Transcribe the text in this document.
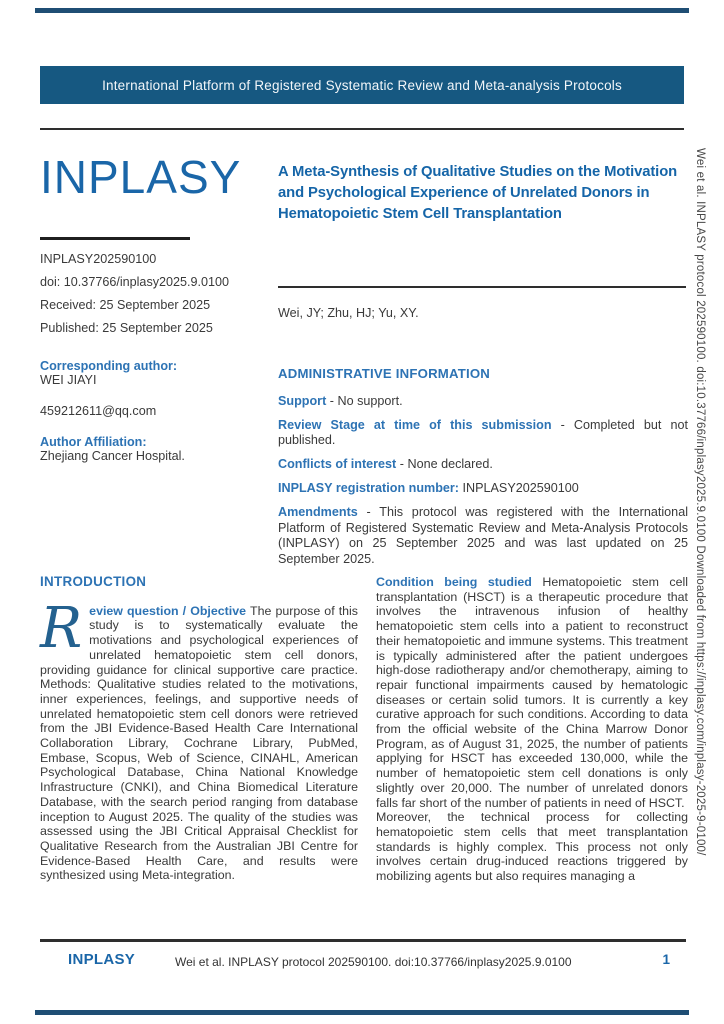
International Platform of Registered Systematic Review and Meta-analysis Protocols
INPLASY	A Meta-Synthesis of Qualitative Studies on the Motivation and Psychological Experience of Unrelated Donors in Hematopoietic Stem Cell Transplantation
Wei, JY; Zhu, HJ; Yu, XY.
INPLASY202590100
doi: 10.37766/inplasy2025.9.0100
Received: 25 September 2025
Published: 25 September 2025
Corresponding author:
WEI JIAYI
459212611@qq.com
Author Affiliation:
Zhejiang Cancer Hospital.
ADMINISTRATIVE INFORMATION
Support - No support.
Review Stage at time of this submission - Completed but not published.
Conflicts of interest - None declared.
INPLASY registration number: INPLASY202590100
Amendments - This protocol was registered with the International Platform of Registered Systematic Review and Meta-Analysis Protocols (INPLASY) on 25 September 2025 and was last updated on 25 September 2025.
INTRODUCTION

Review question / Objective The purpose of this study is to systematically evaluate the motivations and psychological experiences of unrelated hematopoietic stem cell donors, providing guidance for clinical supportive care practice. Methods: Qualitative studies related to the motivations, inner experiences, feelings, and supportive needs of unrelated hematopoietic stem cell donors were retrieved from the JBI Evidence-Based Health Care International Collaboration Library, Cochrane Library, PubMed, Embase, Scopus, Web of Science, CINAHL, American Psychological Database, China National Knowledge Infrastructure (CNKI), and China Biomedical Literature Database, with the search period ranging from database inception to August 2025. The quality of the studies was assessed using the JBI Critical Appraisal Checklist for Qualitative Research from the Australian JBI Centre for Evidence-Based Health Care, and results were synthesized using Meta-integration.

Condition being studied Hematopoietic stem cell transplantation (HSCT) is a therapeutic procedure that involves the intravenous infusion of healthy hematopoietic stem cells into a patient to reconstruct their hematopoietic and immune systems. This treatment is typically administered after the patient undergoes high-dose radiotherapy and/or chemotherapy, aiming to repair functional impairments caused by hematologic diseases or certain solid tumors. It is currently a key curative approach for such conditions. According to data from the official website of the China Marrow Donor Program, as of August 31, 2025, the number of patients applying for HSCT has exceeded 130,000, while the number of hematopoietic stem cell donations is only slightly over 20,000. The number of unrelated donors falls far short of the number of patients in need of HSCT.

Moreover, the technical process for collecting hematopoietic stem cells that meet transplantation standards is highly complex. This process not only involves certain drug-induced reactions triggered by mobilizing agents but also requires managing a

INPLASY	Wei et al. INPLASY protocol 202590100. doi:10.37766/inplasy2025.9.0100	1
Wei et al. INPLASY protocol 202590100. doi:10.37766/inplasy2025.9.0100 Downloaded from https://inplasy.com/inplasy-2025-9-0100/
